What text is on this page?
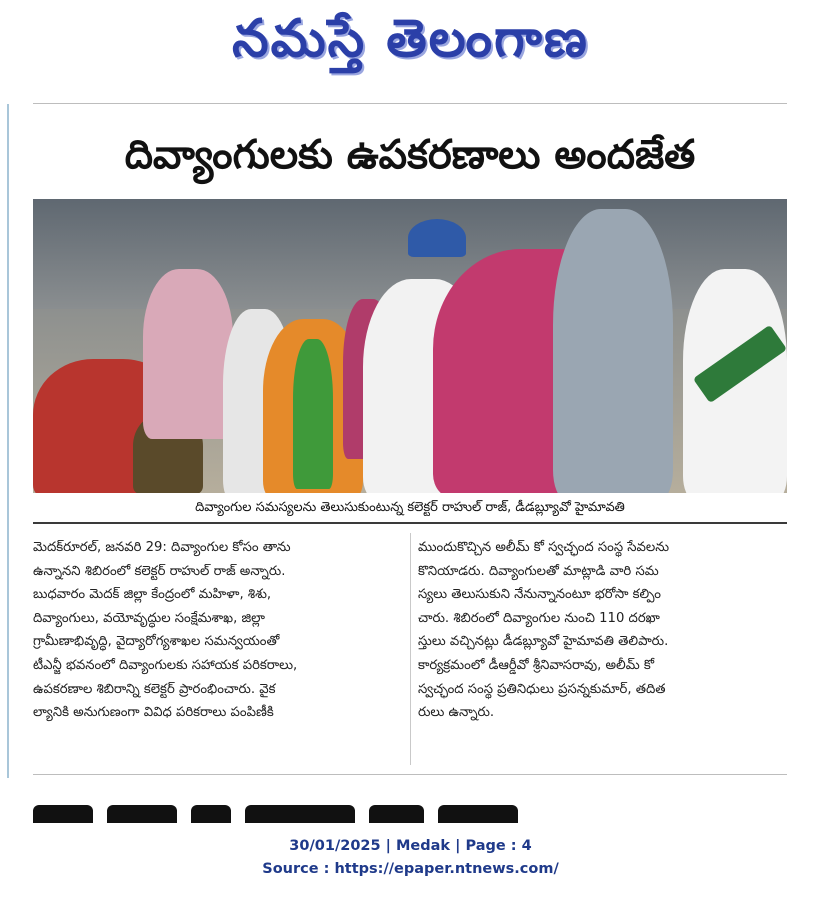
నమస్తే తెలంగాణ
దివ్యాంగులకు ఉపకరణాలు అందజేత
దివ్యాంగుల సమస్యలను తెలుసుకుంటున్న కలెక్టర్ రాహుల్ రాజ్, డీడబ్ల్యూవో హైమావతి

మెదక్‌రూరల్, జనవరి 29: దివ్యాంగుల కోసం తాను

ఉన్నానని శిబిరంలో కలెక్టర్ రాహుల్ రాజ్ అన్నారు.

బుధవారం మెదక్ జిల్లా కేంద్రంలో మహిళా, శిశు,

దివ్యాంగులు, వయోవృద్ధుల సంక్షేమశాఖ, జిల్లా

గ్రామీణాభివృద్ధి, వైద్యారోగ్యశాఖల సమన్వయంతో

టీఎన్జీ భవనంలో దివ్యాంగులకు సహాయక పరికరాలు,

ఉపకరణాల శిబిరాన్ని కలెక్టర్ ప్రారంభించారు. వైక

ల్యానికి అనుగుణంగా వివిధ పరికరాలు పంపిణీకి

ముందుకొచ్చిన అలీమ్ కో స్వచ్ఛంద సంస్థ సేవలను

కొనియాడరు. దివ్యాంగులతో మాట్లాడి వారి సమ

స్యలు తెలుసుకుని నేనున్నానంటూ భరోసా కల్పిం

చారు. శిబిరంలో దివ్యాంగుల నుంచి 110 దరఖా

స్తులు వచ్చినట్లు డీడబ్ల్యూవో హైమావతి తెలిపారు.

కార్యక్రమంలో డీఆర్డీవో శ్రీనివాసరావు, అలీమ్ కో

స్వచ్ఛంద సంస్థ ప్రతినిధులు ప్రసన్నకుమార్, తదిత

రులు ఉన్నారు.

30/01/2025 | Medak | Page : 4
Source : https://epaper.ntnews.com/
